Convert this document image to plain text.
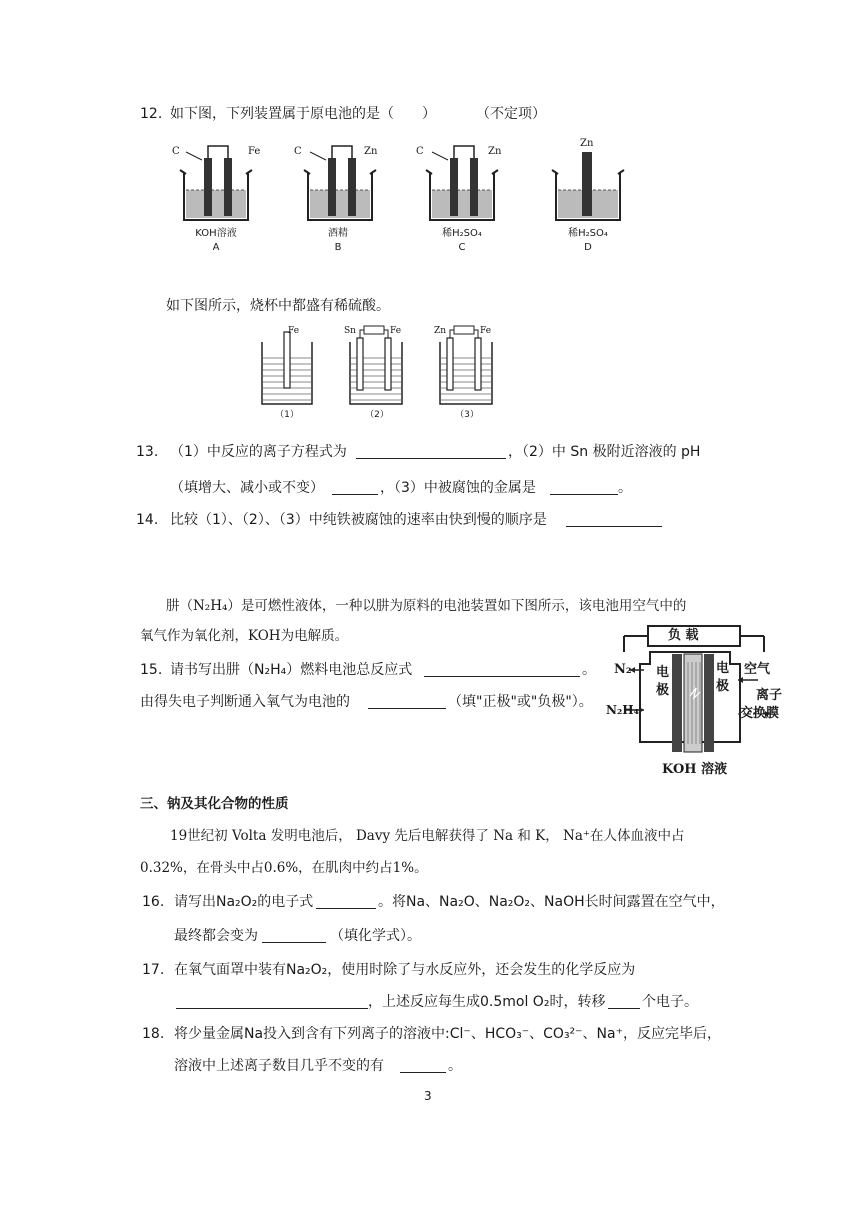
12. 如下图，下列装置属于原电池的是（　　）	（不定项）
C	Fe
KOH溶液
A
C	Zn
酒精
B
C	Zn
稀H₂SO₄
C
Zn
稀H₂SO₄
D
如下图所示，烧杯中都盛有稀硫酸。
Fe
（1）
Sn	Fe
（2）
Zn	Fe
（3）
13. （1）中反应的离子方程式为	，（2）中 Sn 极附近溶液的 pH
（填增大、减小或不变）	，（3）中被腐蚀的金属是	。
14. 比较（1）、（2）、（3）中纯铁被腐蚀的速率由快到慢的顺序是
肼（N₂H₄）是可燃性液体，一种以肼为原料的电池装置如下图所示，该电池用空气中的
氧气作为氧化剂，KOH为电解质。
15. 请书写出肼（N₂H₄）燃料电池总反应式	。
由得失电子判断通入氧气为电池的	（填"正极"或"负极"）。
负 载
N₂
N₂H₄
电极
电极
空气
离子
交换膜
KOH 溶液
三、钠及其化合物的性质
19世纪初 Volta 发明电池后， Davy 先后电解获得了 Na 和 K， Na⁺在人体血液中占
0.32%，在骨头中占0.6%，在肌肉中约占1%。
16. 请写出Na₂O₂的电子式	。将Na、Na₂O、Na₂O₂、NaOH长时间露置在空气中，
最终都会变为	（填化学式）。
17. 在氧气面罩中装有Na₂O₂，使用时除了与水反应外，还会发生的化学反应为
，上述反应每生成0.5mol O₂时，转移	个电子。
18. 将少量金属Na投入到含有下列离子的溶液中:Cl⁻、HCO₃⁻、CO₃²⁻、Na⁺，反应完毕后，
溶液中上述离子数目几乎不变的有	。
3
